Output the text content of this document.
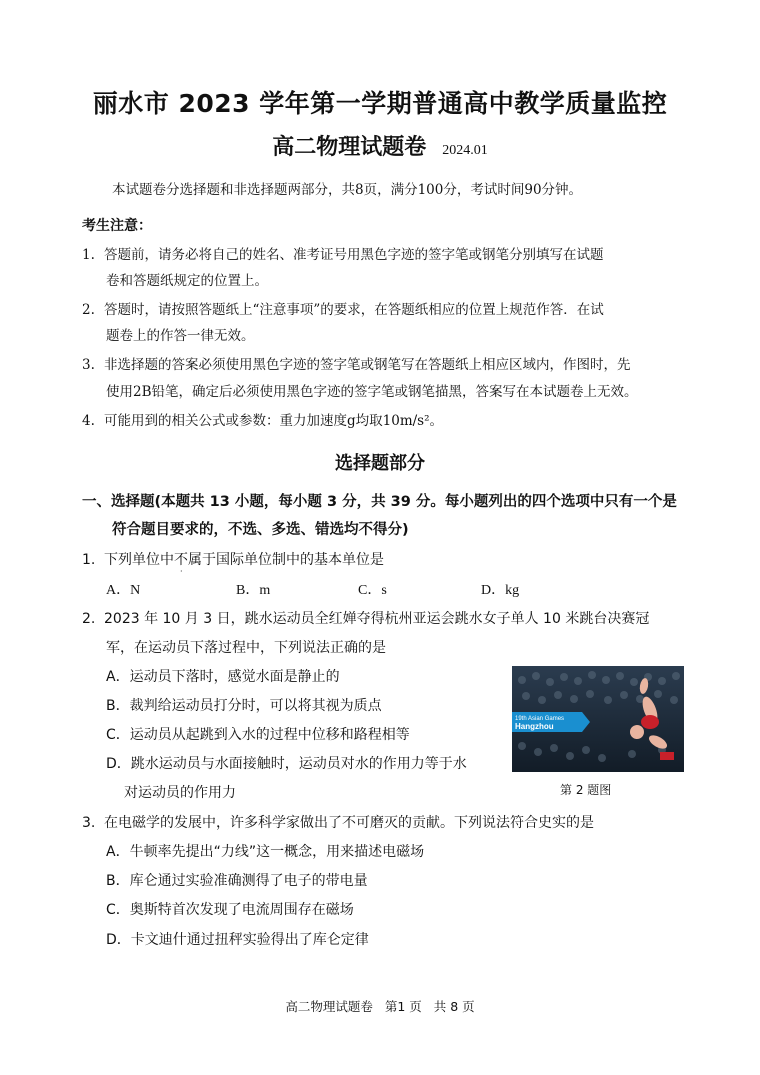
丽水市 2023 学年第一学期普通高中教学质量监控
高二物理试题卷 2024.01
本试题卷分选择题和非选择题两部分，共8页，满分100分，考试时间90分钟。
考生注意：
1. 答题前，请务必将自己的姓名、准考证号用黑色字迹的签字笔或钢笔分别填写在试题
卷和答题纸规定的位置上。
2. 答题时，请按照答题纸上“注意事项”的要求，在答题纸相应的位置上规范作答．在试
题卷上的作答一律无效。
3. 非选择题的答案必须使用黑色字迹的签字笔或钢笔写在答题纸上相应区域内，作图时，先
使用2B铅笔，确定后必须使用黑色字迹的签字笔或钢笔描黑，答案写在本试题卷上无效。
4. 可能用到的相关公式或参数：重力加速度g均取10m/s²。
选择题部分
一、选择题(本题共 13 小题，每小题 3 分，共 39 分。每小题列出的四个选项中只有一个是
符合题目要求的，不选、多选、错选均不得分)
1. 下列单位中不
·
属于国际单位制中的基本单位是
A．N	B．m	C．s	D．kg
2. 2023 年 10 月 3 日，跳水运动员全红婵夺得杭州亚运会跳水女子单人 10 米跳台决赛冠
军，在运动员下落过程中，下列说法正确的是
A．运动员下落时，感觉水面是静止的
B．裁判给运动员打分时，可以将其视为质点
C．运动员从起跳到入水的过程中位移和路程相等
D．跳水运动员与水面接触时，运动员对水的作用力等于水
对运动员的作用力
19th Asian Games
Hangzhou
第 2 题图
3. 在电磁学的发展中，许多科学家做出了不可磨灭的贡献。下列说法符合史实的是
A．牛顿率先提出“力线”这一概念，用来描述电磁场
B．库仑通过实验准确测得了电子的带电量
C．奥斯特首次发现了电流周围存在磁场
D．卡文迪什通过扭秤实验得出了库仑定律
高二物理试题卷 第1 页 共 8 页
